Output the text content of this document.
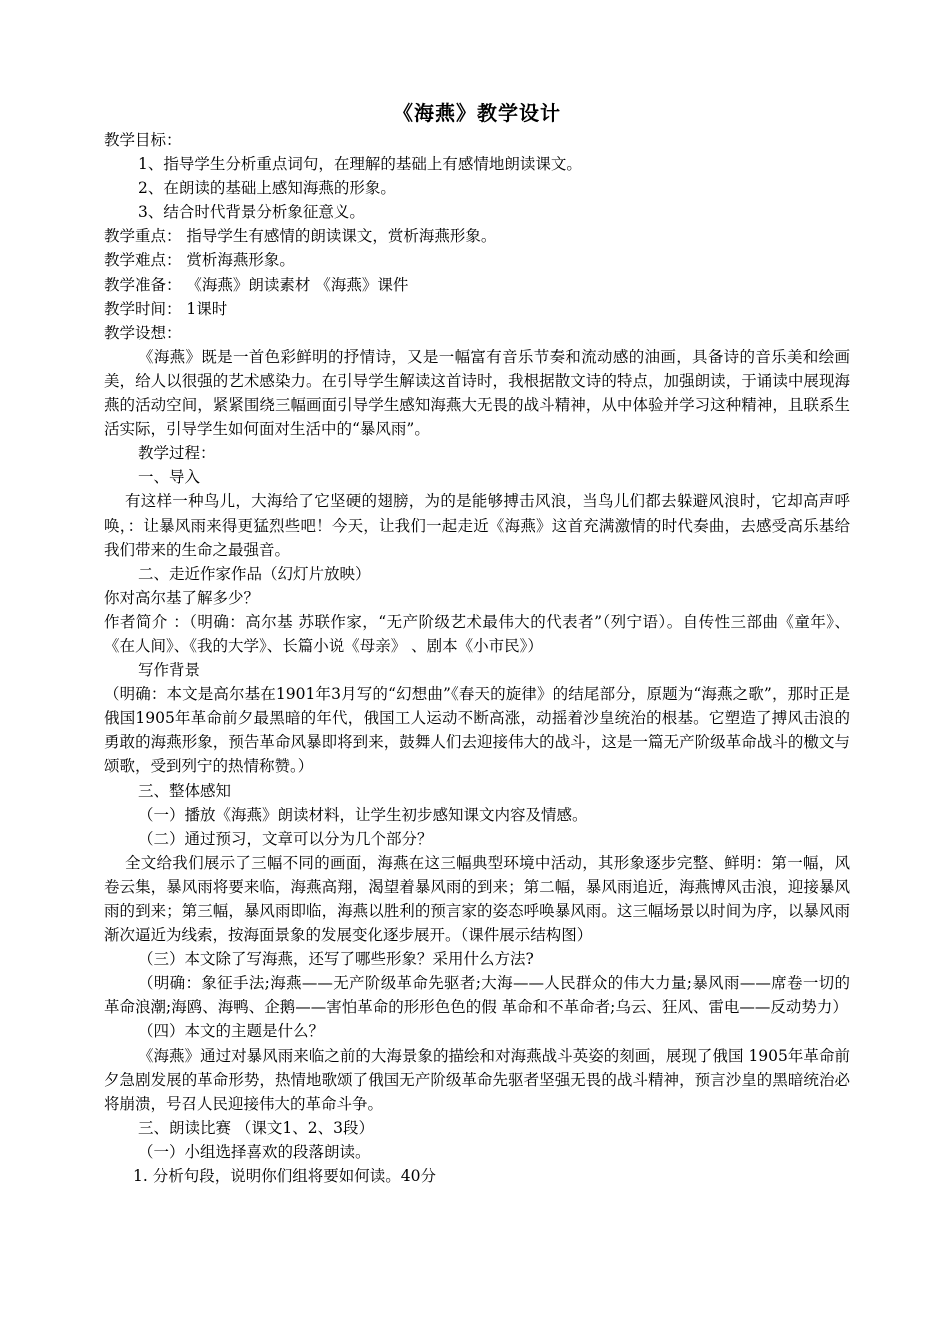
《海燕》教学设计

教学目标：

1、指导学生分析重点词句，在理解的基础上有感情地朗读课文。

2、在朗读的基础上感知海燕的形象。

3、结合时代背景分析象征意义。

教学重点： 指导学生有感情的朗读课文，赏析海燕形象。

教学难点： 赏析海燕形象。

教学准备： 《海燕》朗读素材 《海燕》课件

教学时间： 1课时

教学设想：

《海燕》既是一首色彩鲜明的抒情诗，又是一幅富有音乐节奏和流动感的油画，具备诗的音乐美和绘画美，给人以很强的艺术感染力。在引导学生解读这首诗时，我根据散文诗的特点，加强朗读，于诵读中展现海燕的活动空间，紧紧围绕三幅画面引导学生感知海燕大无畏的战斗精神，从中体验并学习这种精神，且联系生活实际，引导学生如何面对生活中的“暴风雨”。

教学过程：

一、导入

有这样一种鸟儿，大海给了它坚硬的翅膀，为的是能够搏击风浪，当鸟儿们都去躲避风浪时，它却高声呼唤，：让暴风雨来得更猛烈些吧！今天，让我们一起走近《海燕》这首充满激情的时代奏曲，去感受高乐基给我们带来的生命之最强音。

二、走近作家作品（幻灯片放映）

你对高尔基了解多少？

作者简介 ：（明确：高尔基 苏联作家，“无产阶级艺术最伟大的代表者”（列宁语）。自传性三部曲《童年》、《在人间》、《我的大学》、长篇小说《母亲》 、剧本《小市民》）

写作背景

（明确：本文是高尔基在1901年3月写的“幻想曲”《春天的旋律》的结尾部分，原题为“海燕之歌”，那时正是俄国1905年革命前夕最黑暗的年代，俄国工人运动不断高涨，动摇着沙皇统治的根基。它塑造了搏风击浪的勇敢的海燕形象，预告革命风暴即将到来，鼓舞人们去迎接伟大的战斗，这是一篇无产阶级革命战斗的檄文与颂歌，受到列宁的热情称赞。）

三、整体感知

（一）播放《海燕》朗读材料，让学生初步感知课文内容及情感。

（二）通过预习，文章可以分为几个部分？

全文给我们展示了三幅不同的画面，海燕在这三幅典型环境中活动，其形象逐步完整、鲜明：第一幅，风卷云集，暴风雨将要来临，海燕高翔，渴望着暴风雨的到来；第二幅，暴风雨追近，海燕博风击浪，迎接暴风雨的到来；第三幅，暴风雨即临，海燕以胜利的预言家的姿态呼唤暴风雨。这三幅场景以时间为序，以暴风雨渐次逼近为线索，按海面景象的发展变化逐步展开。（课件展示结构图）

（三）本文除了写海燕，还写了哪些形象？采用什么方法?

（明确：象征手法;海燕——无产阶级革命先驱者;大海——人民群众的伟大力量;暴风雨——席卷一切的革命浪潮;海鸥、海鸭、企鹅——害怕革命的形形色色的假 革命和不革命者;乌云、狂风、雷电——反动势力）

（四）本文的主题是什么？

《海燕》通过对暴风雨来临之前的大海景象的描绘和对海燕战斗英姿的刻画，展现了俄国 1905年革命前夕急剧发展的革命形势，热情地歌颂了俄国无产阶级革命先驱者坚强无畏的战斗精神，预言沙皇的黑暗统治必将崩溃，号召人民迎接伟大的革命斗争。

三、朗读比赛 （课文1、2、3段）

（一）小组选择喜欢的段落朗读。

1. 分析句段，说明你们组将要如何读。40分
